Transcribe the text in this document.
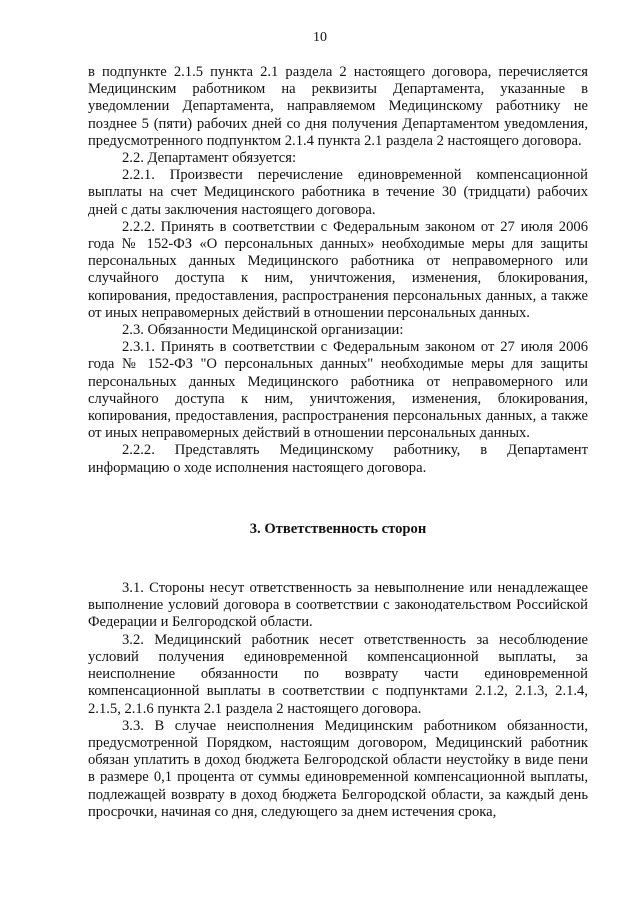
10

в подпункте 2.1.5 пункта 2.1 раздела 2 настоящего договора, перечисляется Медицинским работником на реквизиты Департамента, указанные в уведомлении Департамента, направляемом Медицинскому работнику не позднее 5 (пяти) рабочих дней со дня получения Департаментом уведомления, предусмотренного подпунктом 2.1.4 пункта 2.1 раздела 2 настоящего договора.

2.2. Департамент обязуется:

2.2.1. Произвести перечисление единовременной компенсационной выплаты на счет Медицинского работника в течение 30 (тридцати) рабочих дней с даты заключения настоящего договора.

2.2.2. Принять в соответствии с Федеральным законом от 27 июля 2006 года № 152-ФЗ «О персональных данных» необходимые меры для защиты персональных данных Медицинского работника от неправомерного или случайного доступа к ним, уничтожения, изменения, блокирования, копирования, предоставления, распространения персональных данных, а также от иных неправомерных действий в отношении персональных данных.

2.3. Обязанности Медицинской организации:

2.3.1. Принять в соответствии с Федеральным законом от 27 июля 2006 года № 152-ФЗ "О персональных данных" необходимые меры для защиты персональных данных Медицинского работника от неправомерного или случайного доступа к ним, уничтожения, изменения, блокирования, копирования, предоставления, распространения персональных данных, а также от иных неправомерных действий в отношении персональных данных.

2.2.2. Представлять Медицинскому работнику, в Департамент информацию о ходе исполнения настоящего договора.

3. Ответственность сторон

3.1. Стороны несут ответственность за невыполнение или ненадлежащее выполнение условий договора в соответствии с законодательством Российской Федерации и Белгородской области.

3.2. Медицинский работник несет ответственность за несоблюдение условий получения единовременной компенсационной выплаты, за неисполнение обязанности по возврату части единовременной компенсационной выплаты в соответствии с подпунктами 2.1.2, 2.1.3, 2.1.4, 2.1.5, 2.1.6 пункта 2.1 раздела 2 настоящего договора.

3.3. В случае неисполнения Медицинским работником обязанности, предусмотренной Порядком, настоящим договором, Медицинский работник обязан уплатить в доход бюджета Белгородской области неустойку в виде пени в размере 0,1 процента от суммы единовременной компенсационной выплаты, подлежащей возврату в доход бюджета Белгородской области, за каждый день просрочки, начиная со дня, следующего за днем истечения срока,
